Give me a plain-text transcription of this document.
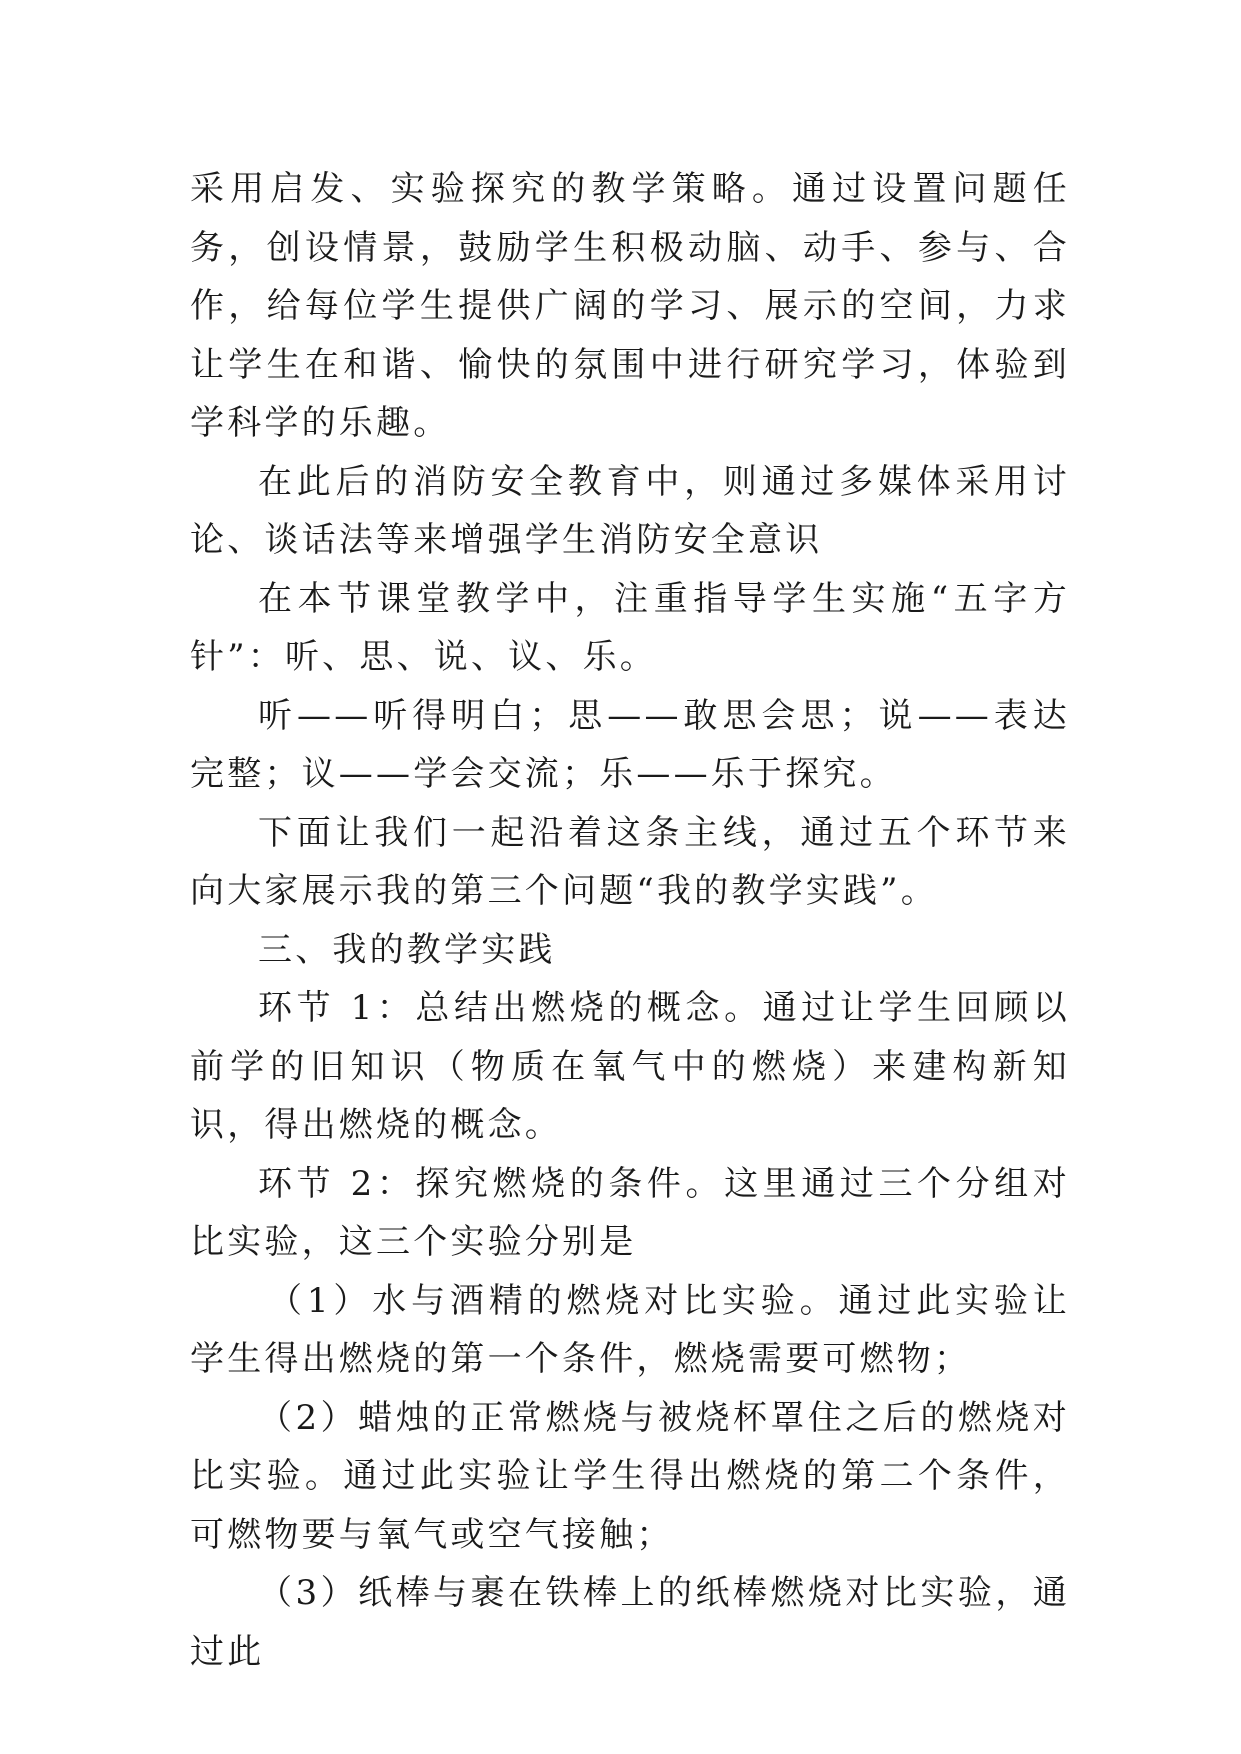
采用启发、实验探究的教学策略。通过设置问题任务，创设情景，鼓励学生积极动脑、动手、参与、合作，给每位学生提供广阔的学习、展示的空间，力求让学生在和谐、愉快的氛围中进行研究学习，体验到学科学的乐趣。

在此后的消防安全教育中，则通过多媒体采用讨论、谈话法等来增强学生消防安全意识

在本节课堂教学中，注重指导学生实施“五字方针”：听、思、说、议、乐。

听——听得明白；思——敢思会思；说——表达完整；议——学会交流；乐——乐于探究。

下面让我们一起沿着这条主线，通过五个环节来向大家展示我的第三个问题“我的教学实践”。

三、我的教学实践

环节 1：总结出燃烧的概念。通过让学生回顾以前学的旧知识（物质在氧气中的燃烧）来建构新知识，得出燃烧的概念。

环节 2：探究燃烧的条件。这里通过三个分组对比实验，这三个实验分别是

（1）水与酒精的燃烧对比实验。通过此实验让学生得出燃烧的第一个条件，燃烧需要可燃物；

（2）蜡烛的正常燃烧与被烧杯罩住之后的燃烧对比实验。通过此实验让学生得出燃烧的第二个条件，可燃物要与氧气或空气接触；

（3）纸棒与裹在铁棒上的纸棒燃烧对比实验，通过此
